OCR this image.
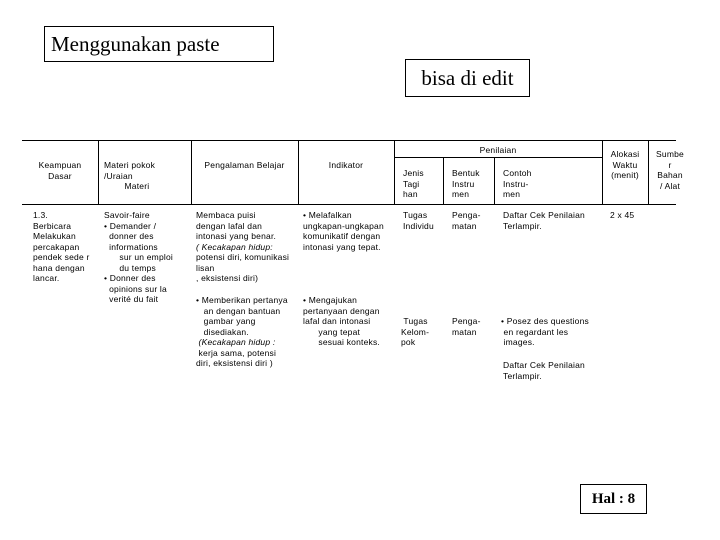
Menggunakan paste
bisa di edit
Keampuan
Dasar
Materi pokok
/Uraian
Materi
Pengalaman Belajar	Indikator
Penilaian
Jenis
Tagi
han
Bentuk
Instru
men
Contoh
Instru-
men
Alokasi
Waktu
(menit)
Sumbe
r
Bahan
/ Alat
1.3.
Berbicara
Melakukan
percakapan
pendek sede r
hana dengan
lancar.
Savoir-faire
• Demander /
donner des
informations
sur un emploi
du temps
• Donner des
opinions sur la
verité du fait
Membaca puisi
dengan lafal dan
intonasi yang benar.
( Kecakapan hidup:
potensi diri, komunikasi
lisan
, eksistensi diri)
• Memberikan pertanya
an dengan bantuan
gambar yang
disediakan.
(Kecakapan hidup :
kerja sama, potensi
diri, eksistensi diri )
• Melafalkan
ungkapan-ungkapan
komunikatif dengan
intonasi yang tepat.
• Mengajukan
pertanyaan dengan
lafal dan intonasi
yang tepat
sesuai konteks.
Tugas
Individu
Tugas
Kelom-
pok
Penga-
matan
Penga-
matan
Daftar Cek Penilaian
Terlampir.
• Posez des questions
en regardant les
images.
Daftar Cek Penilaian
Terlampir.
2 x 45
Hal : 8
